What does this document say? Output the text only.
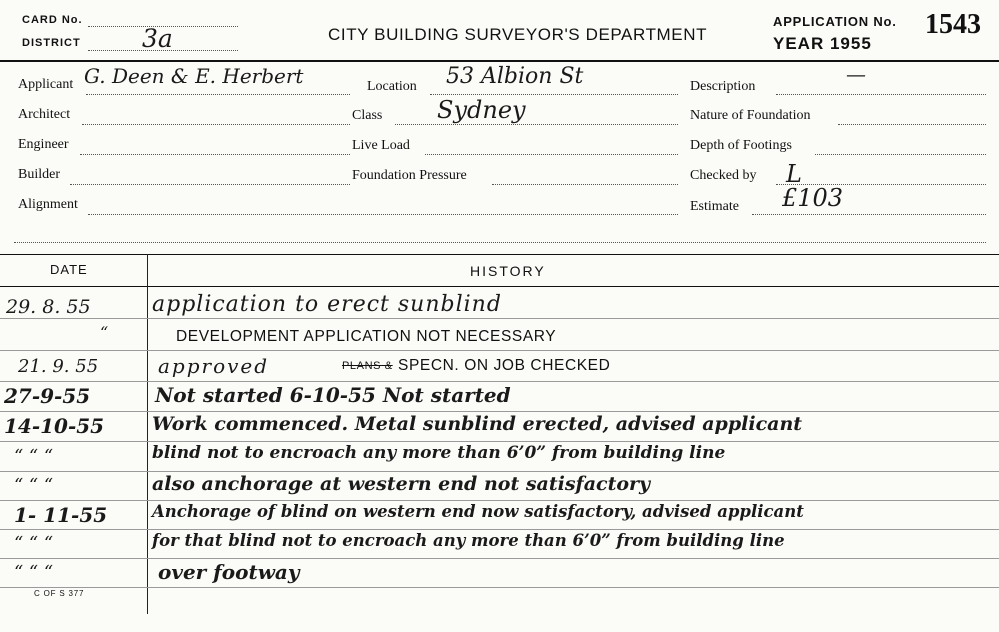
CARD No.
DISTRICT 3a	CITY BUILDING SURVEYOR'S DEPARTMENT
APPLICATION No. 1543
YEAR 1955
Applicant G. Deen & E. Herbert
Architect
Engineer
Builder
Alignment
Location 53 Albion St
Class Sydney
Live Load
Foundation Pressure
Description
—
Nature of Foundation
Depth of Footings
Checked by L
Estimate £103
DATE	HISTORY
29. 8. 55	application to erect sunblind
“	DEVELOPMENT APPLICATION NOT NECESSARY
21. 9. 55	approved	PLANS & SPECN. ON JOB CHECKED
27-9-55	Not started 6-10-55 Not started
14-10-55	Work commenced. Metal sunblind erected, advised applicant
“ “ “	blind not to encroach any more than 6’0” from building line
“ “ “	also anchorage at western end not satisfactory
1- 11-55	Anchorage of blind on western end now satisfactory, advised applicant
“ “ “	for that blind not to encroach any more than 6’0” from building line
“ “ “	over footway
C OF S 377
